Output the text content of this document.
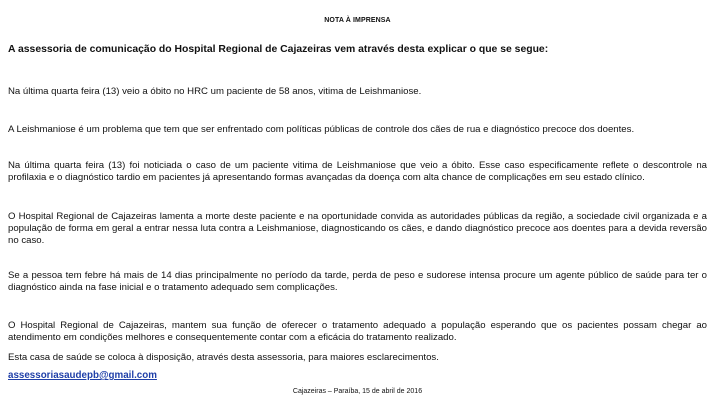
NOTA À IMPRENSA
A assessoria de comunicação do Hospital Regional de Cajazeiras vem através desta explicar o que se segue:
Na última quarta feira (13) veio a óbito no HRC um paciente de 58 anos, vitima de Leishmaniose.
A Leishmaniose é um problema que tem que ser enfrentado com políticas públicas de controle dos cães de rua e diagnóstico precoce dos doentes.
Na última quarta feira (13) foi noticiada o caso de um paciente vitima de Leishmaniose que veio a óbito. Esse caso especificamente reflete o descontrole na profilaxia e o diagnóstico tardio em pacientes já apresentando formas avançadas da doença com alta chance de complicações em seu estado clínico.
O Hospital Regional de Cajazeiras lamenta a morte deste paciente e na oportunidade convida as autoridades públicas da região, a sociedade civil organizada e a população de forma em geral a entrar nessa luta contra a Leishmaniose, diagnosticando os cães, e dando diagnóstico precoce aos doentes para a devida reversão no caso.
Se a pessoa tem febre há mais de 14 dias principalmente no período da tarde, perda de peso e sudorese intensa procure um agente público de saúde para ter o diagnóstico ainda na fase inicial e o tratamento adequado sem complicações.
O Hospital Regional de Cajazeiras, mantem sua função de oferecer o tratamento adequado a população esperando que os pacientes possam chegar ao atendimento em condições melhores e consequentemente contar com a eficácia do tratamento realizado.
Esta casa de saúde se coloca à disposição, através desta assessoria, para maiores esclarecimentos.
assessoriasaudepb@gmail.com
Cajazeiras – Paraíba, 15 de abril de 2016
